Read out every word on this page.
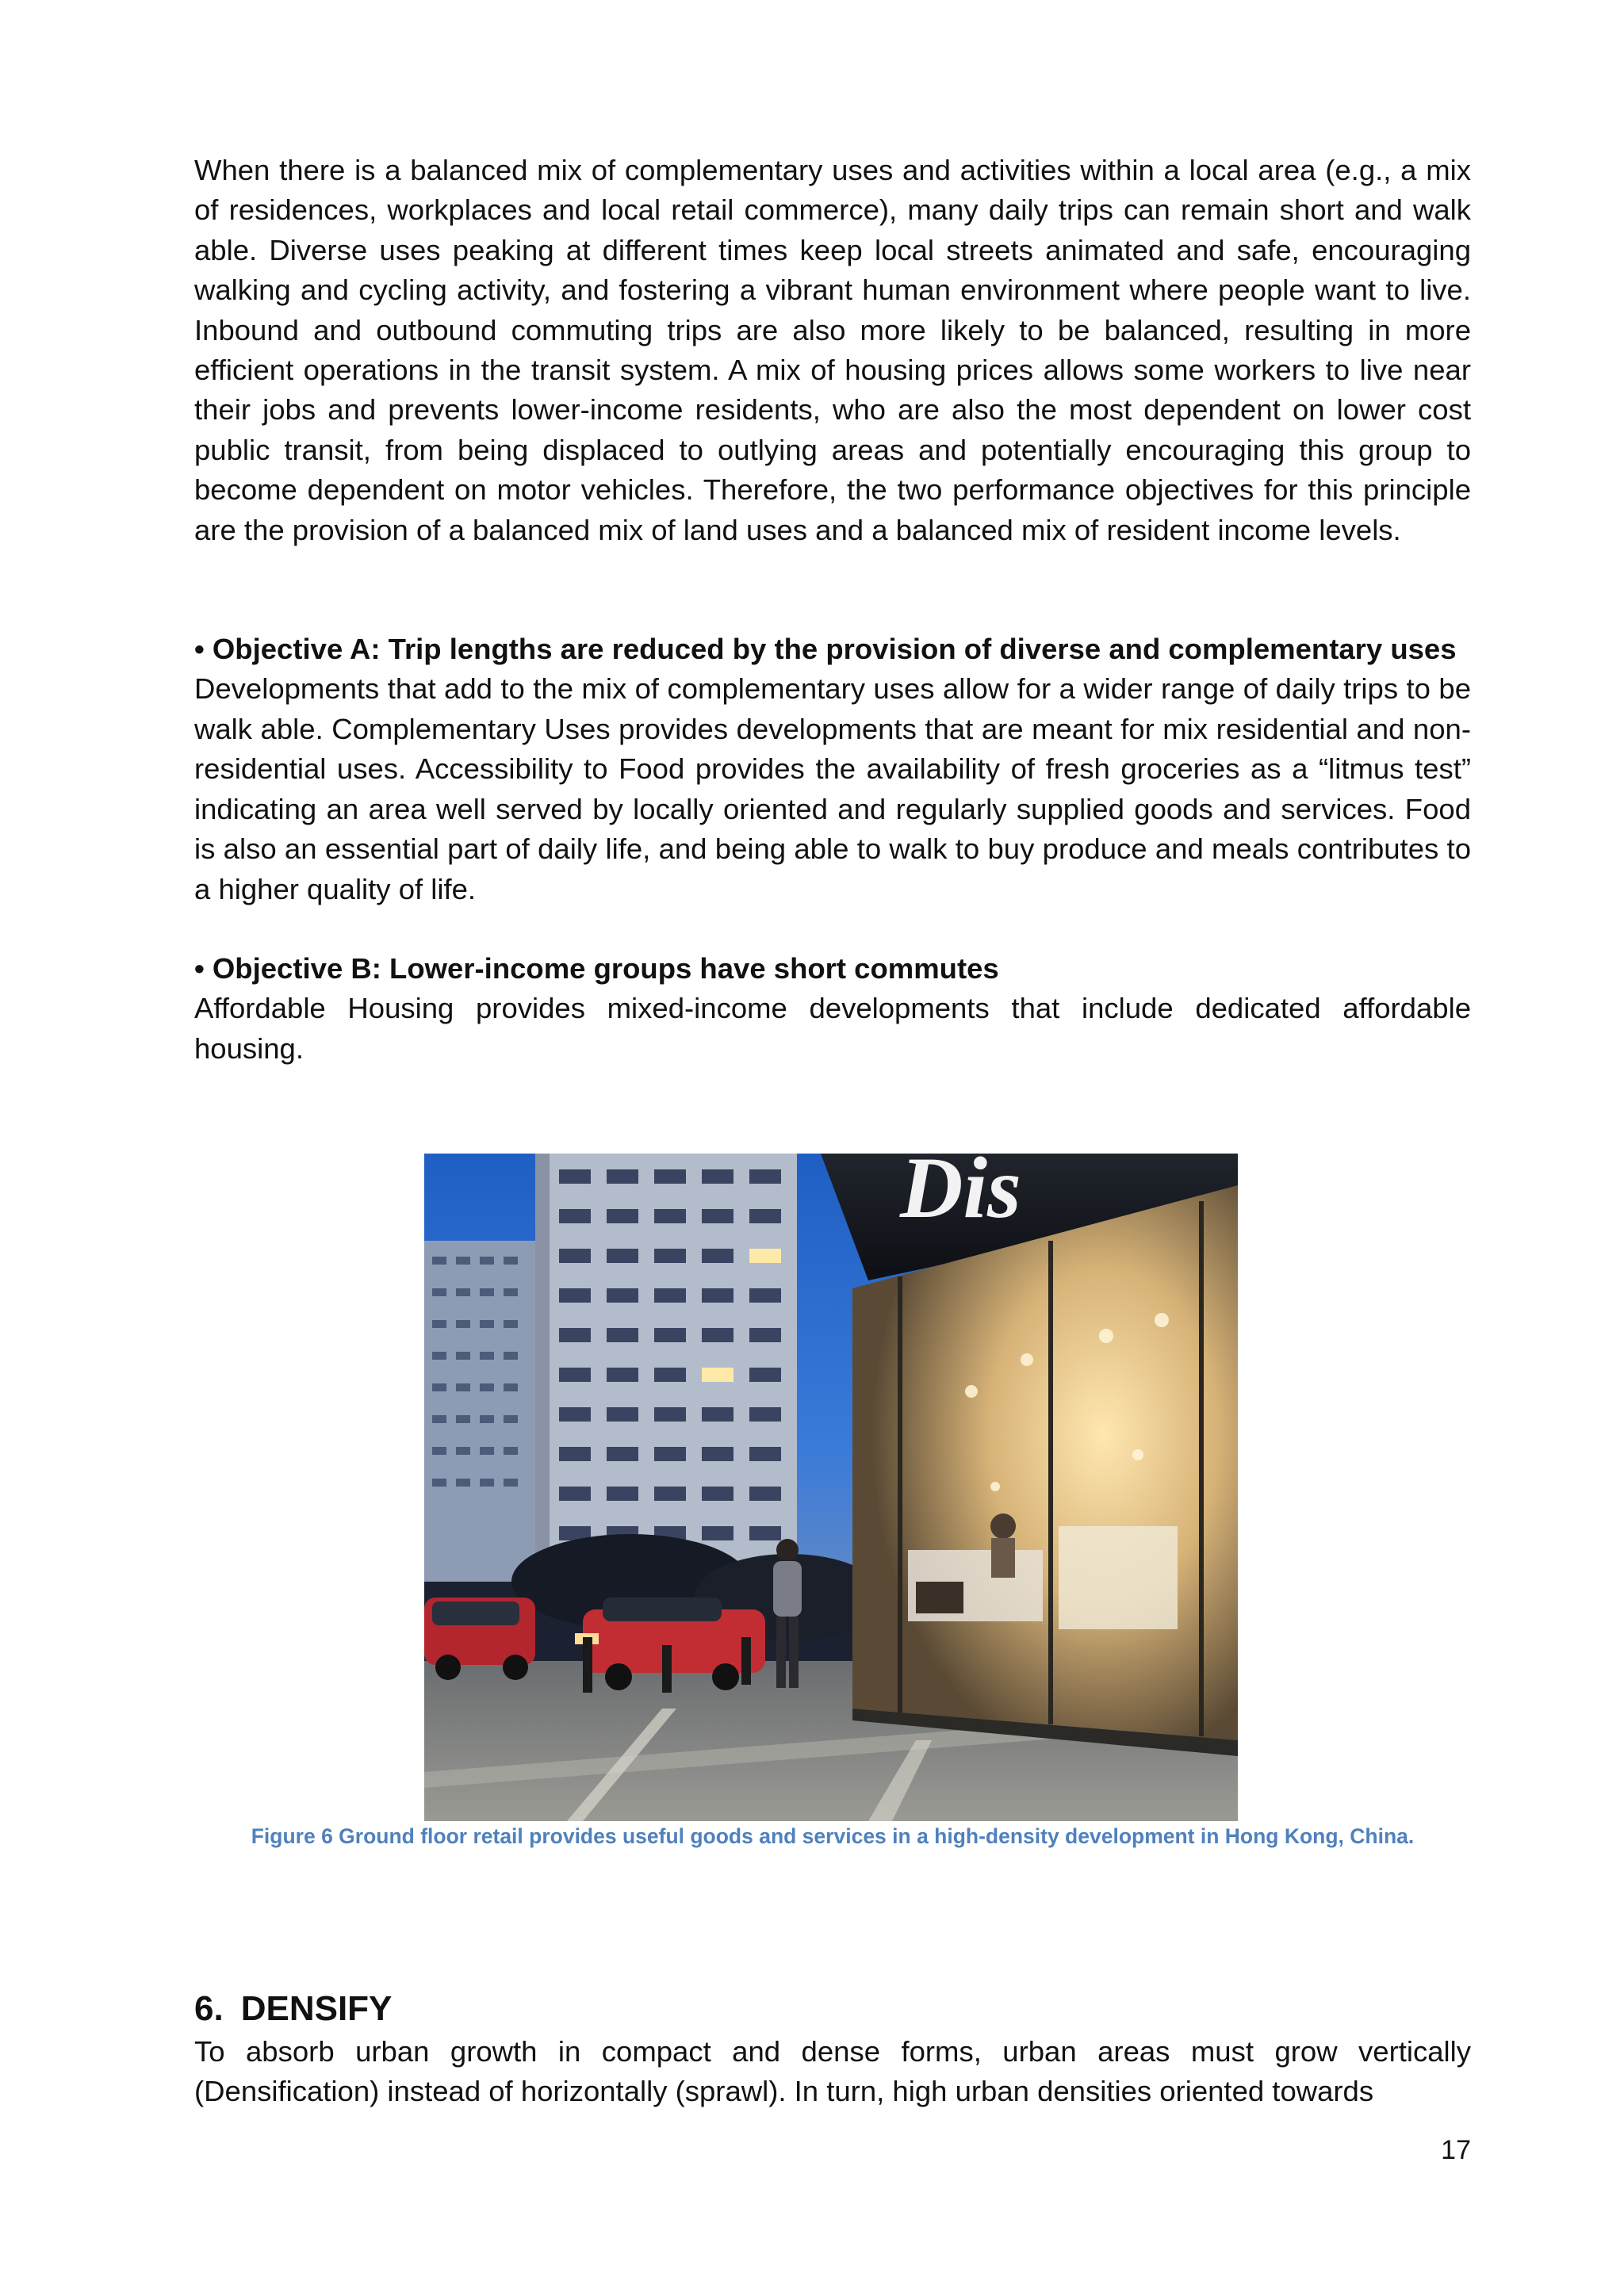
When there is a balanced mix of complementary uses and activities within a local area (e.g., a mix of residences, workplaces and local retail commerce), many daily trips can remain short and walk able. Diverse uses peaking at different times keep local streets animated and safe, encouraging walking and cycling activity, and fostering a vibrant human environment where people want to live. Inbound and outbound commuting trips are also more likely to be balanced, resulting in more efficient operations in the transit system. A mix of housing prices allows some workers to live near their jobs and prevents lower-income residents, who are also the most dependent on lower cost public transit, from being displaced to outlying areas and potentially encouraging this group to become dependent on motor vehicles. Therefore, the two performance objectives for this principle are the provision of a balanced mix of land uses and a balanced mix of resident income levels.

• Objective A: Trip lengths are reduced by the provision of diverse and complementary uses

Developments that add to the mix of complementary uses allow for a wider range of daily trips to be walk able. Complementary Uses provides developments that are meant for mix residential and non-residential uses. Accessibility to Food provides the availability of fresh groceries as a “litmus test” indicating an area well served by locally oriented and regularly supplied goods and services. Food is also an essential part of daily life, and being able to walk to buy produce and meals contributes to a higher quality of life.

• Objective B: Lower-income groups have short commutes

Affordable Housing provides mixed-income developments that include dedicated affordable housing.

Dis

Figure 6 Ground floor retail provides useful goods and services in a high-density development in Hong Kong, China.

6. DENSIFY

To absorb urban growth in compact and dense forms, urban areas must grow vertically (Densification) instead of horizontally (sprawl). In turn, high urban densities oriented towards

17
